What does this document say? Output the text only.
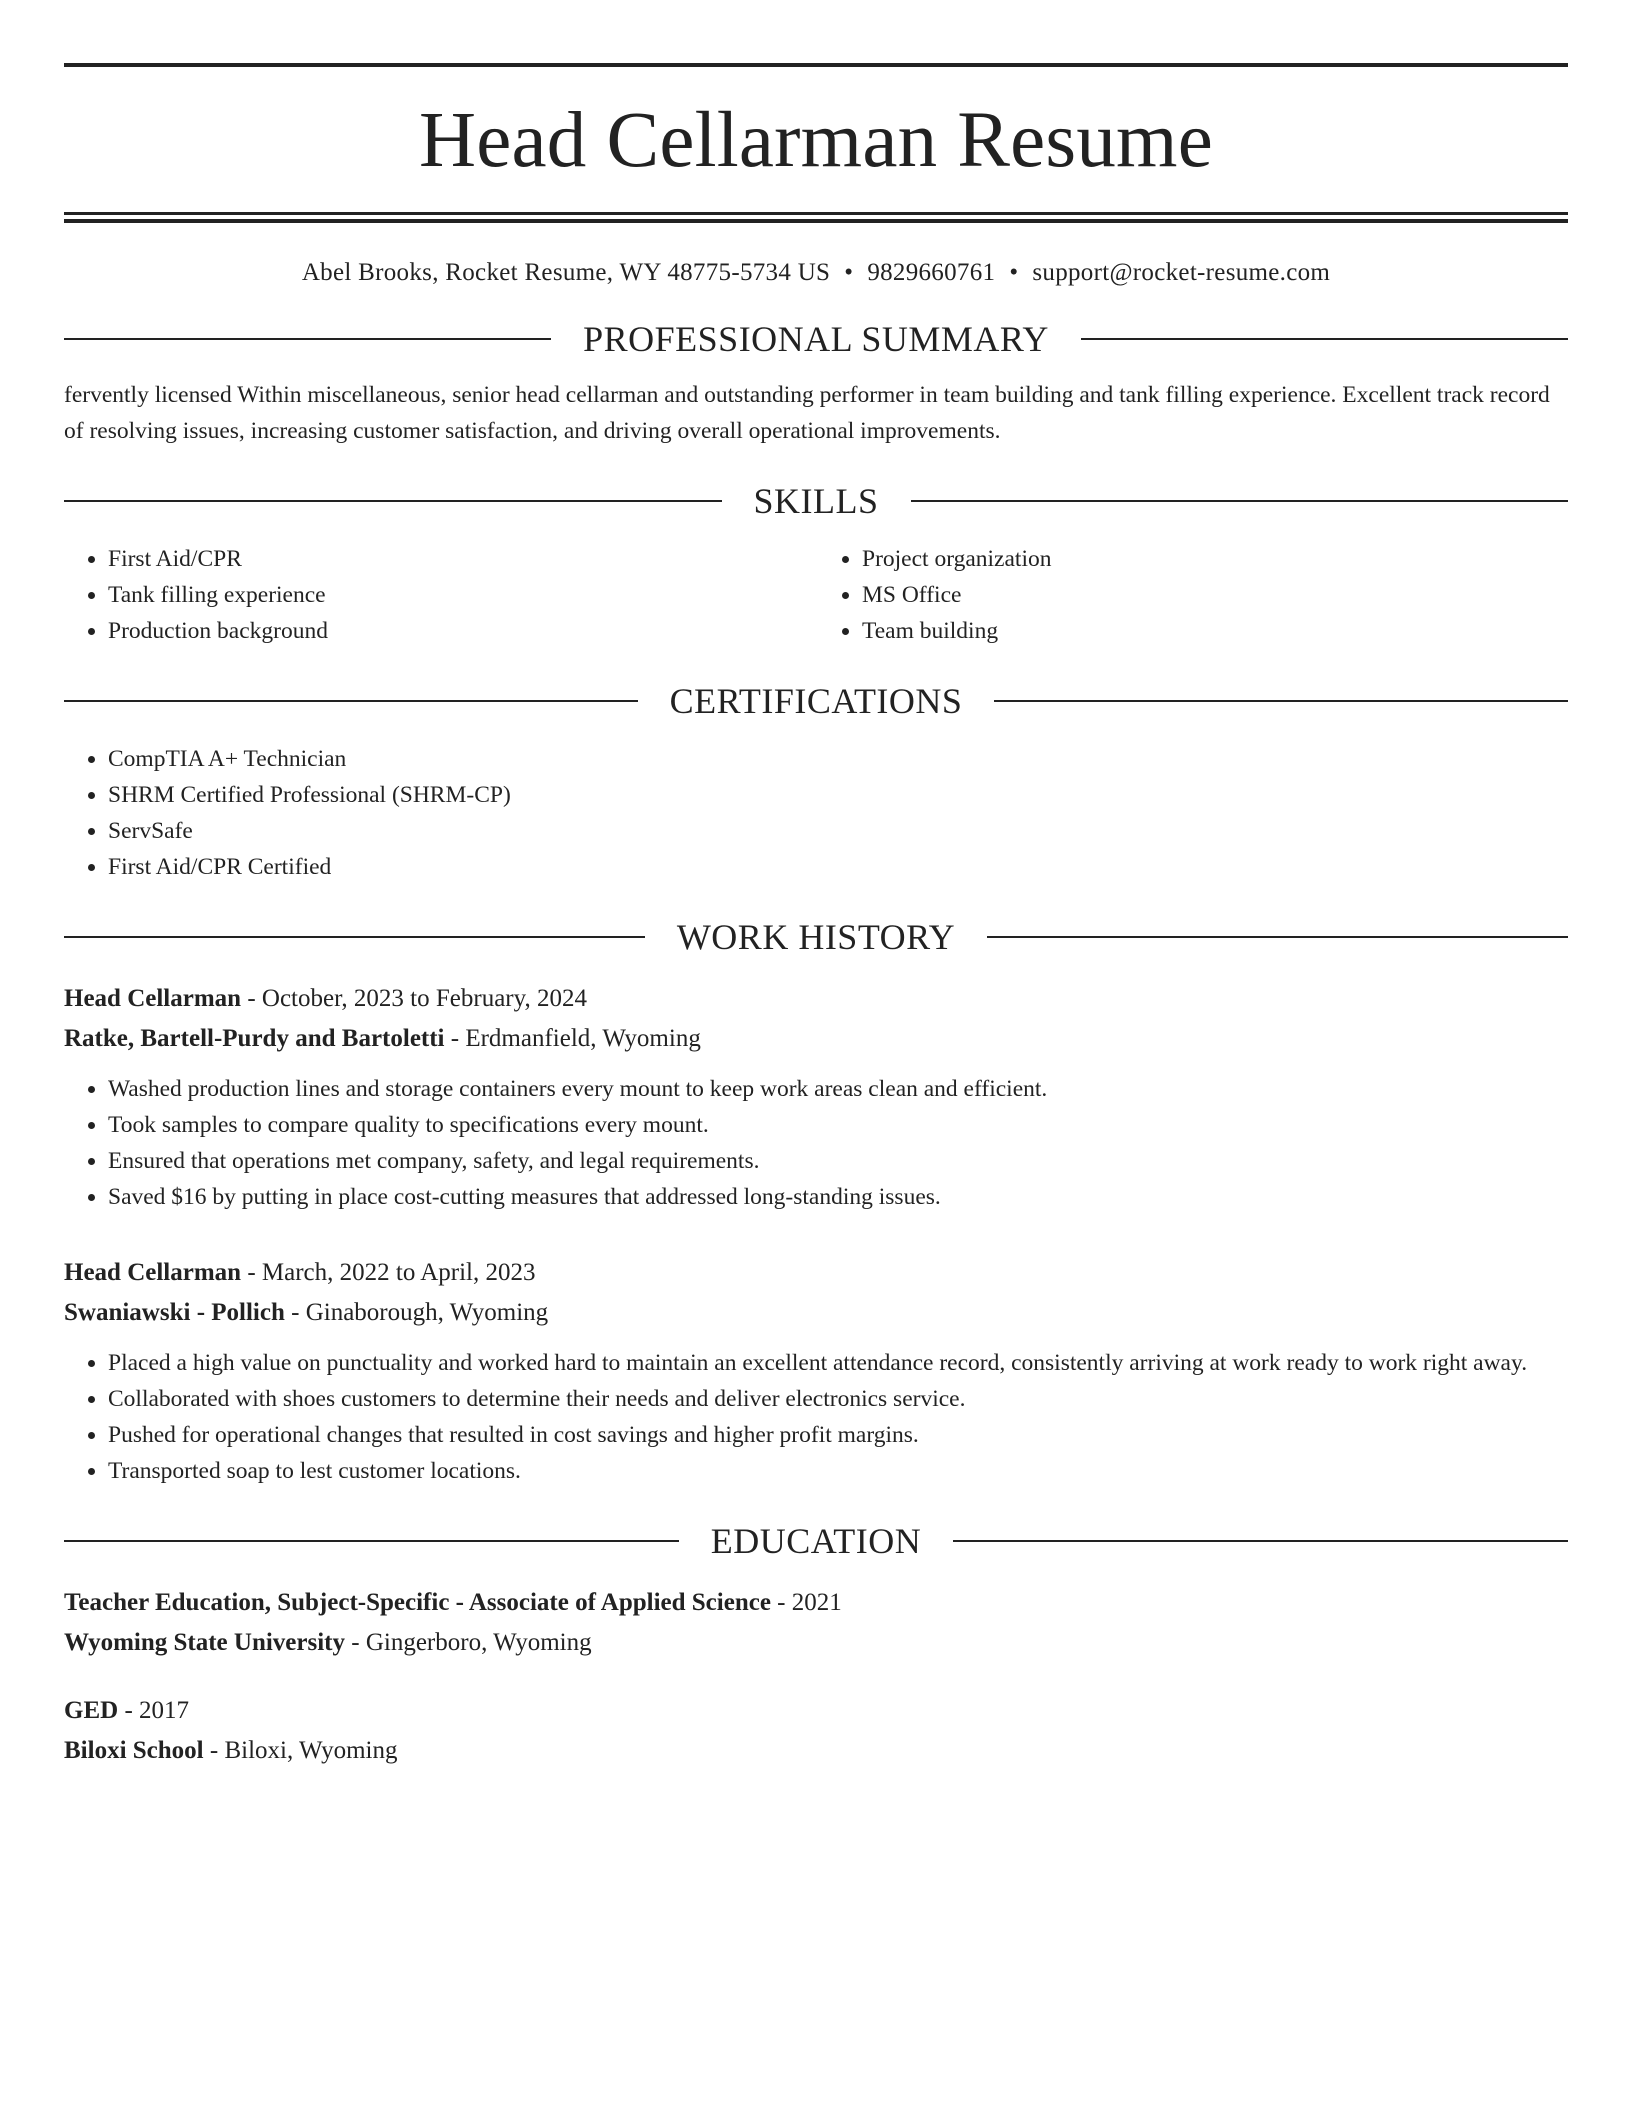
Head Cellarman Resume
Abel Brooks, Rocket Resume, WY 48775-5734 US • 9829660761 • support@rocket-resume.com
PROFESSIONAL SUMMARY
fervently licensed Within miscellaneous, senior head cellarman and outstanding performer in team building and tank filling experience. Excellent track record of resolving issues, increasing customer satisfaction, and driving overall operational improvements.
SKILLS
• First Aid/CPR
• Tank filling experience
• Production background
• Project organization
• MS Office
• Team building
CERTIFICATIONS
• CompTIA A+ Technician
• SHRM Certified Professional (SHRM-CP)
• ServSafe
• First Aid/CPR Certified
WORK HISTORY
Head Cellarman - October, 2023 to February, 2024
Ratke, Bartell-Purdy and Bartoletti - Erdmanfield, Wyoming
• Washed production lines and storage containers every mount to keep work areas clean and efficient.
• Took samples to compare quality to specifications every mount.
• Ensured that operations met company, safety, and legal requirements.
• Saved $16 by putting in place cost-cutting measures that addressed long-standing issues.
Head Cellarman - March, 2022 to April, 2023
Swaniawski - Pollich - Ginaborough, Wyoming
• Placed a high value on punctuality and worked hard to maintain an excellent attendance record, consistently arriving at work ready to work right away.
• Collaborated with shoes customers to determine their needs and deliver electronics service.
• Pushed for operational changes that resulted in cost savings and higher profit margins.
• Transported soap to lest customer locations.
EDUCATION
Teacher Education, Subject-Specific - Associate of Applied Science - 2021
Wyoming State University - Gingerboro, Wyoming
GED - 2017
Biloxi School - Biloxi, Wyoming
